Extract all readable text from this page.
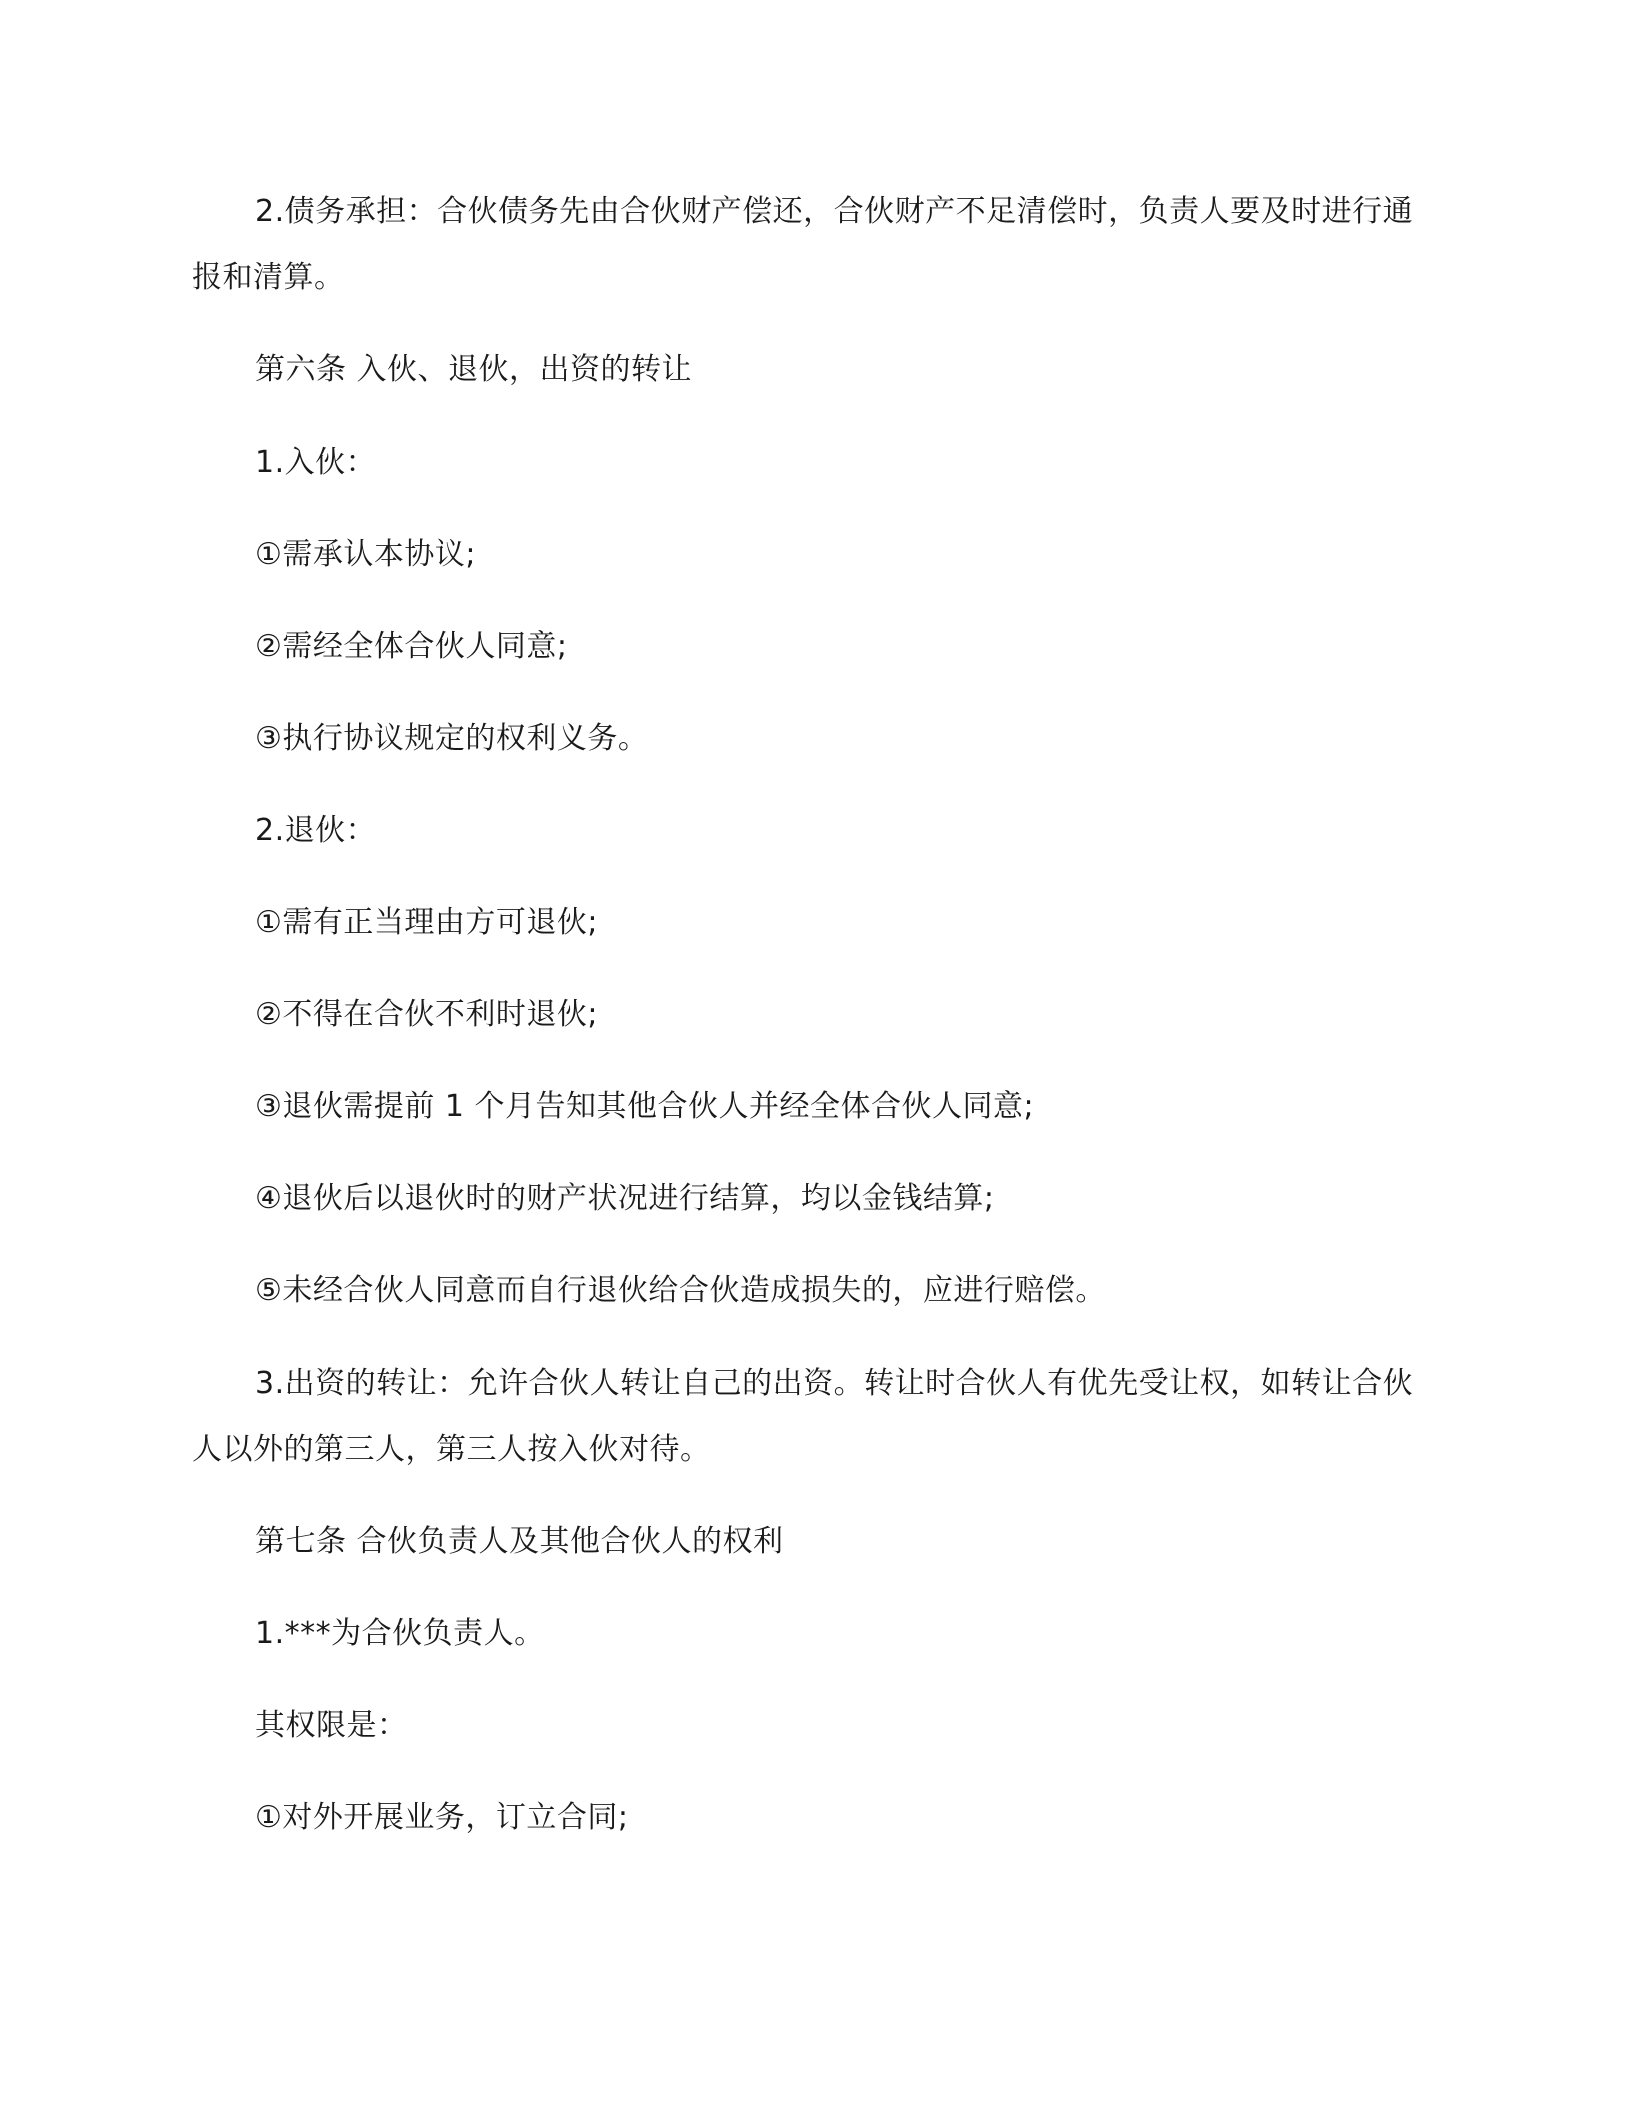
2.债务承担：合伙债务先由合伙财产偿还，合伙财产不足清偿时，负责人要及时进行通报和清算。

第六条 入伙、退伙，出资的转让

1.入伙：

①需承认本协议;

②需经全体合伙人同意;

③执行协议规定的权利义务。

2.退伙：

①需有正当理由方可退伙;

②不得在合伙不利时退伙;

③退伙需提前 1 个月告知其他合伙人并经全体合伙人同意;

④退伙后以退伙时的财产状况进行结算，均以金钱结算;

⑤未经合伙人同意而自行退伙给合伙造成损失的，应进行赔偿。

3.出资的转让：允许合伙人转让自己的出资。转让时合伙人有优先受让权，如转让合伙人以外的第三人，第三人按入伙对待。

第七条 合伙负责人及其他合伙人的权利

1.***为合伙负责人。

其权限是：

①对外开展业务，订立合同;
